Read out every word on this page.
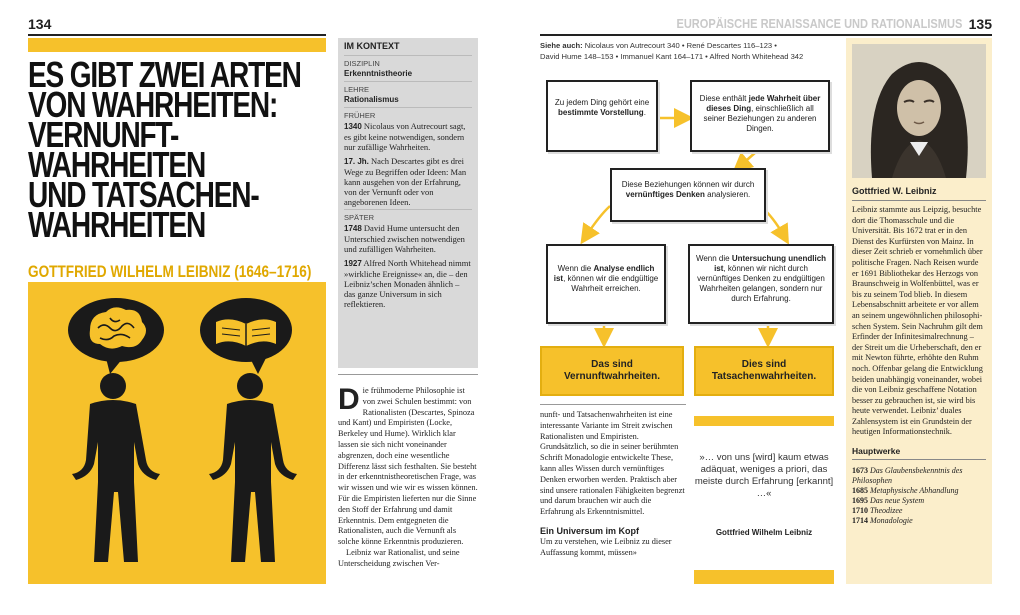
134
ES GIBT ZWEI ARTEN
VON WAHRHEITEN:
VERNUNFT-
WAHRHEITEN
UND TATSACHEN-
WAHRHEITEN
GOTTFRIED WILHELM LEIBNIZ (1646–1716)
IM KONTEXT
DISZIPLIN
Erkenntnistheorie
LEHRE
Rationalismus
FRÜHER
1340 Nicolaus von Autrecourt sagt, es gibt keine notwendigen, sondern nur zufällige Wahrheiten.
17. Jh. Nach Descartes gibt es drei Wege zu Begriffen oder Ideen: Man kann ausgehen von der Erfahrung, von der Vernunft oder von angeborenen Ideen.
SPÄTER
1748 David Hume untersucht den Unterschied zwischen notwendigen und zufälligen Wahrheiten.
1927 Alfred North Whitehead nimmt »wirkliche Ereignisse« an, die – den Leibniz’schen Monaden ähnlich – das ganze Universum in sich reflektieren.
Die frühmoderne Philosophie ist von zwei Schulen bestimmt: von Rationalisten (Descartes, Spinoza und Kant) und Empiristen (Locke, Berkeley und Hume). Wirklich klar lassen sie sich nicht voneinander abgrenzen, doch eine wesentliche Differenz lässt sich festhalten. Sie besteht in der erkenntnistheoretischen Frage, was wir wissen und wie wir es wissen können. Für die Empiristen lieferten nur die Sinne den Stoff der Erfahrung und damit Erkenntnis. Dem entgegneten die Rationalisten, auch die Vernunft als solche könne Erkenntnis produzieren.
Leibniz war Rationalist, und seine Unterscheidung zwischen Ver-
EUROPÄISCHE RENAISSANCE UND RATIONALISMUS 135
Siehe auch: Nicolaus von Autrecourt 340 • René Descartes 116–123 •
David Hume 148–153 • Immanuel Kant 164–171 • Alfred North Whitehead 342
Zu jedem Ding gehört eine bestimmte Vorstellung.
Diese enthält jede Wahrheit über dieses Ding, einschließlich all seiner Beziehungen zu anderen Dingen.
Diese Beziehungen können wir durch vernünftiges Denken analysieren.
Wenn die Analyse endlich ist, können wir die endgültige Wahrheit erreichen.
Wenn die Untersuchung unendlich ist, können wir nicht durch vernünftiges Denken zu endgültigen Wahrheiten gelangen, sondern nur durch Erfahrung.
Das sind Vernunftwahrheiten.
Dies sind Tatsachenwahrheiten.
nunft- und Tatsachenwahrheiten ist eine interessante Variante im Streit zwischen Rationalisten und Empiristen. Grundsätzlich, so die in seiner berühmten Schrift Monadologie entwickelte These, kann alles Wissen durch vernünftiges Denken erworben werden. Praktisch aber sind unsere rationalen Fähigkeiten begrenzt und darum brauchen wir auch die Erfahrung als Erkenntnismittel.
Ein Universum im Kopf
Um zu verstehen, wie Leibniz zu dieser Auffassung kommt, müssen»
»… von uns [wird] kaum etwas adäquat, weniges a priori, das meiste durch Erfahrung [erkannt] …«
Gottfried Wilhelm Leibniz
Gottfried W. Leibniz
Leibniz stammte aus Leipzig, besuchte dort die Thomasschule und die Universität. Bis 1672 trat er in den Dienst des Kurfürsten von Mainz. In dieser Zeit schrieb er vornehmlich über politische Fragen. Nach Reisen wurde er 1691 Bibliothekar des Herzogs von Braunschweig in Wolfenbüttel, was er bis zu seinem Tod blieb. In diesem Lebensabschnitt arbeitete er vor allem an seinem ungewöhnlichen philosophischen System. Sein Nachruhm gilt dem Erfinder der Infinitesimalrechnung – der Streit um die Urheberschaft, den er mit Newton führte, erhöhte den Ruhm noch. Offenbar gelang die Entwicklung beiden unabhängig voneinander, wobei die von Leibniz geschaffene Notation besser zu gebrauchen ist, sie wird bis heute verwendet. Leibniz’ duales Zahlensystem ist ein Grundstein der heutigen Informationstechnik.
Hauptwerke
1673 Das Glaubensbekenntnis des Philosophen
1685 Metaphysische Abhandlung
1695 Das neue System
1710 Theodizee
1714 Monadologie
